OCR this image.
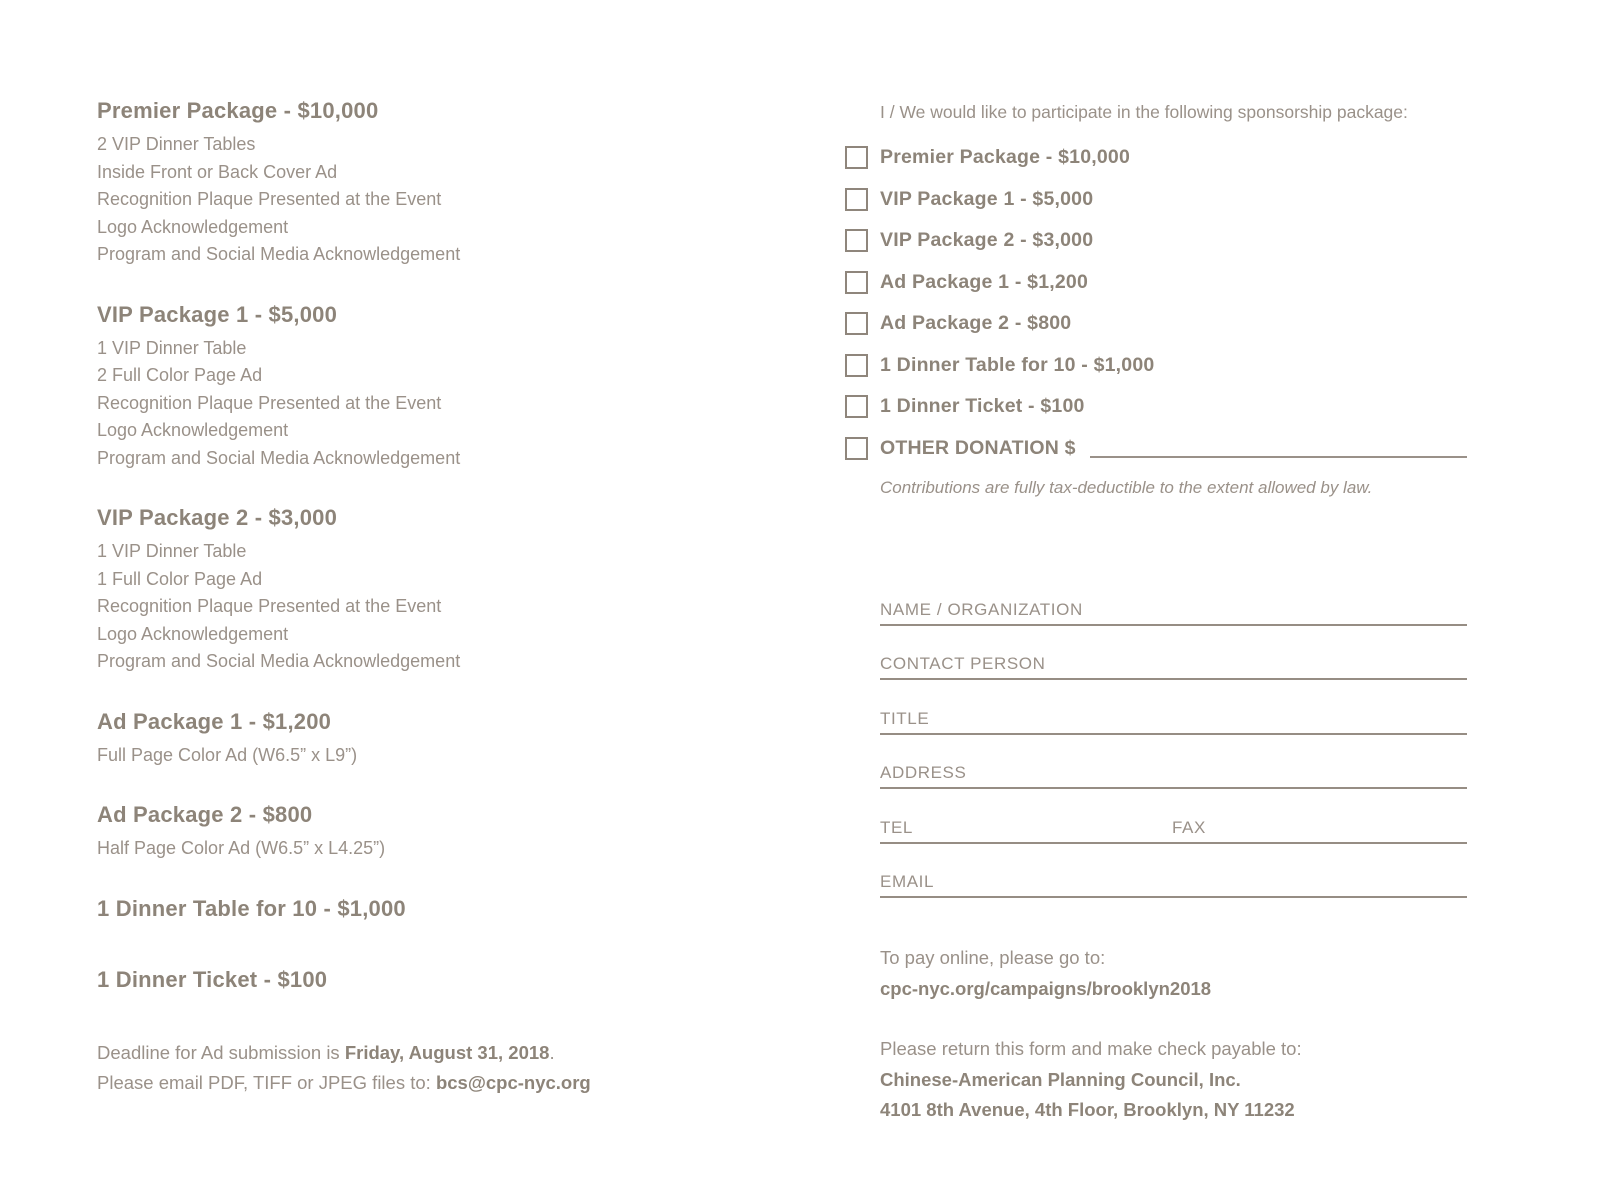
Premier Package - $10,000
2 VIP Dinner Tables
Inside Front or Back Cover Ad
Recognition Plaque Presented at the Event
Logo Acknowledgement
Program and Social Media Acknowledgement
VIP Package 1 - $5,000
1 VIP Dinner Table
2 Full Color Page Ad
Recognition Plaque Presented at the Event
Logo Acknowledgement
Program and Social Media Acknowledgement
VIP Package 2 - $3,000
1 VIP Dinner Table
1 Full Color Page Ad
Recognition Plaque Presented at the Event
Logo Acknowledgement
Program and Social Media Acknowledgement
Ad Package 1 - $1,200
Full Page Color Ad (W6.5” x L9”)
Ad Package 2 - $800
Half Page Color Ad (W6.5” x L4.25”)
1 Dinner Table for 10 - $1,000
1 Dinner Ticket - $100
Deadline for Ad submission is Friday, August 31, 2018.
Please email PDF, TIFF or JPEG files to: bcs@cpc-nyc.org
I / We would like to participate in the following sponsorship package:
Premier Package - $10,000
VIP Package 1 - $5,000
VIP Package 2 - $3,000
Ad Package 1 - $1,200
Ad Package 2 - $800
1 Dinner Table for 10 - $1,000
1 Dinner Ticket - $100
OTHER DONATION $
Contributions are fully tax-deductible to the extent allowed by law.
NAME / ORGANIZATION
CONTACT PERSON
TITLE
ADDRESS
TEL	FAX
EMAIL
To pay online, please go to:
cpc-nyc.org/campaigns/brooklyn2018
Please return this form and make check payable to:
Chinese-American Planning Council, Inc.
4101 8th Avenue, 4th Floor, Brooklyn, NY 11232
